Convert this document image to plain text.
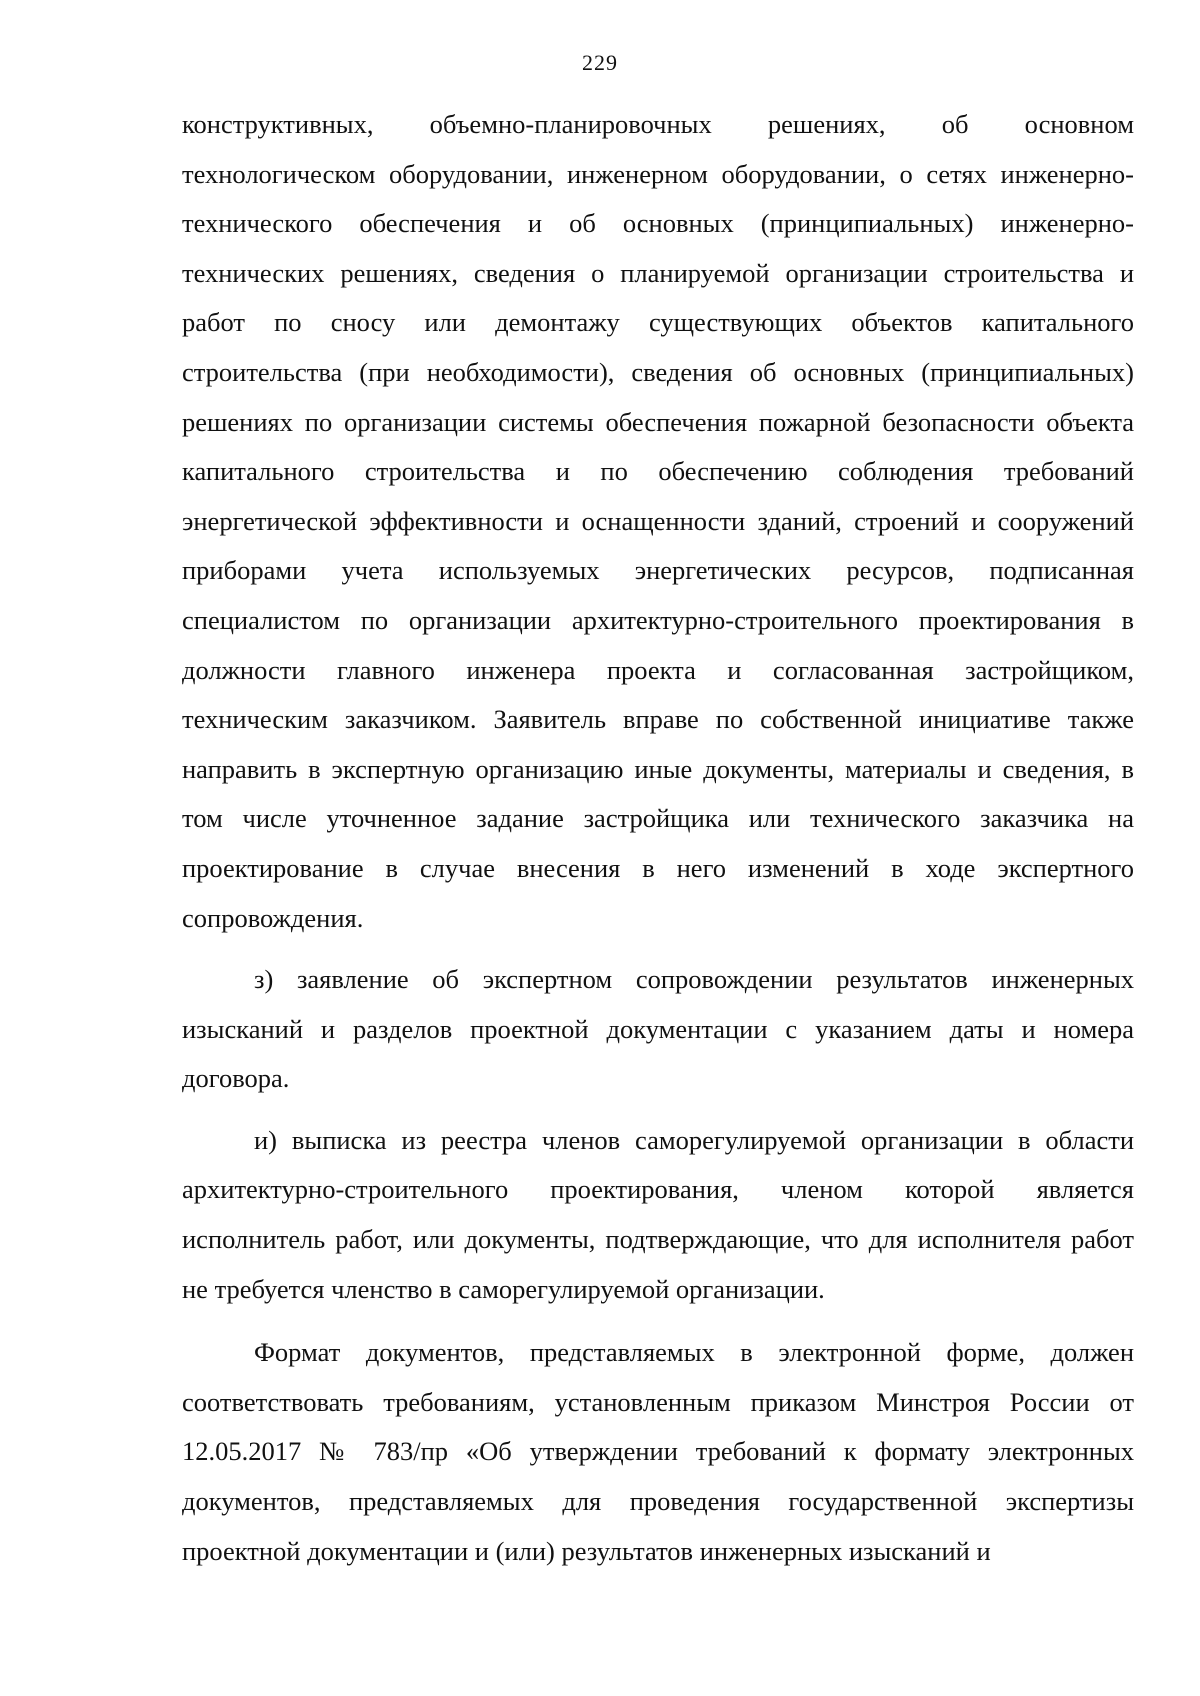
229

конструктивных, объемно-планировочных решениях, об основном технологическом оборудовании, инженерном оборудовании, о сетях инженерно-технического обеспечения и об основных (принципиальных) инженерно-технических решениях, сведения о планируемой организации строительства и работ по сносу или демонтажу существующих объектов капитального строительства (при необходимости), сведения об основных (принципиальных) решениях по организации системы обеспечения пожарной безопасности объекта капитального строительства и по обеспечению соблюдения требований энергетической эффективности и оснащенности зданий, строений и сооружений приборами учета используемых энергетических ресурсов, подписанная специалистом по организации архитектурно-строительного проектирования в должности главного инженера проекта и согласованная застройщиком, техническим заказчиком. Заявитель вправе по собственной инициативе также направить в экспертную организацию иные документы, материалы и сведения, в том числе уточненное задание застройщика или технического заказчика на проектирование в случае внесения в него изменений в ходе экспертного сопровождения.

з) заявление об экспертном сопровождении результатов инженерных изысканий и разделов проектной документации с указанием даты и номера договора.

и) выписка из реестра членов саморегулируемой организации в области архитектурно-строительного проектирования, членом которой является исполнитель работ, или документы, подтверждающие, что для исполнителя работ не требуется членство в саморегулируемой организации.

Формат документов, представляемых в электронной форме, должен соответствовать требованиям, установленным приказом Минстроя России от 12.05.2017 № 783/пр «Об утверждении требований к формату электронных документов, представляемых для проведения государственной экспертизы проектной документации и (или) результатов инженерных изысканий и
